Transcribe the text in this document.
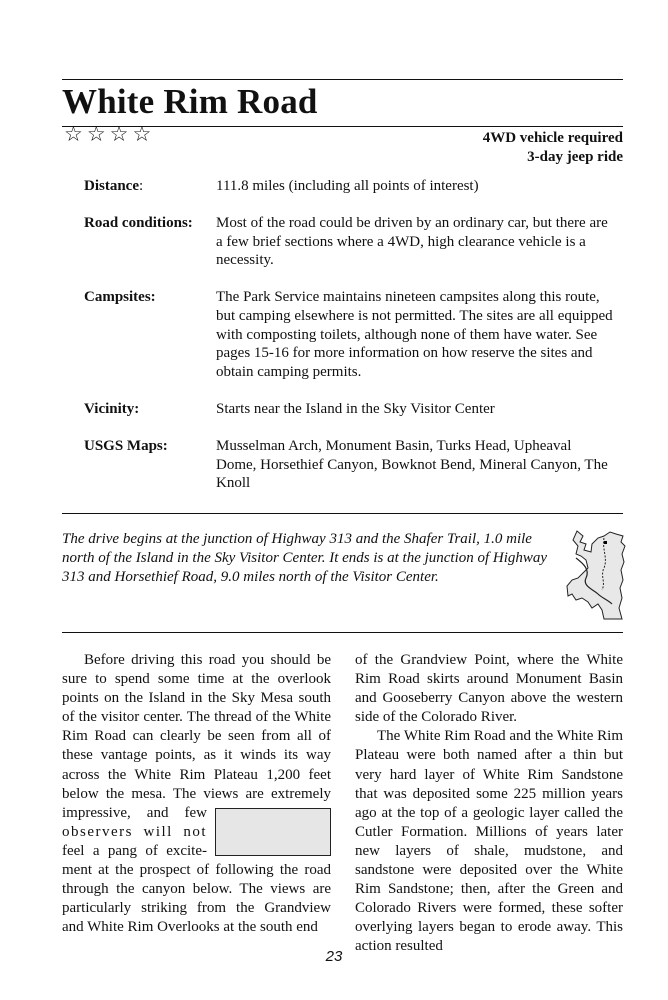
White Rim Road
☆☆☆☆	4WD vehicle required
3-day jeep ride
Distance:	111.8 miles (including all points of interest)
Road conditions:	Most of the road could be driven by an ordinary car, but there are a few brief sections where a 4WD, high clearance vehicle is a necessity.
Campsites:	The Park Service maintains nineteen campsites along this route, but camping elsewhere is not permitted. The sites are all equipped with composting toilets, although none of them have water. See pages 15-16 for more information on how reserve the sites and obtain camping permits.
Vicinity:	Starts near the Island in the Sky Visitor Center
USGS Maps:	Musselman Arch, Monument Basin, Turks Head, Upheaval Dome, Horsethief Canyon, Bowknot Bend, Mineral Canyon, The Knoll
The drive begins at the junction of Highway 313 and the Shafer Trail, 1.0 mile north of the Island in the Sky Visitor Center. It ends is at the junction of Highway 313 and Horsethief Road, 9.0 miles north of the Visitor Center.

Before driving this road you should be sure to spend some time at the overlook points on the Island in the Sky Mesa south of the visitor center. The thread of the White Rim Road can clearly be seen from all of these vantage points, as it winds its way across the White Rim Plateau 1,200 feet below the mesa. The views are extremely
impressive, and few observers will not feel a pang of excite- ment at the prospect of following the road through the canyon below. The views are particularly striking from the Grandview and White Rim Overlooks at the south end

of the Grandview Point, where the White Rim Road skirts around Monument Basin and Gooseberry Canyon above the western side of the Colorado River.

The White Rim Road and the White Rim Plateau were both named after a thin but very hard layer of White Rim Sandstone that was deposited some 225 million years ago at the top of a geologic layer called the Cutler Formation. Millions of years later new layers of shale, mudstone, and sandstone were deposited over the White Rim Sandstone; then, after the Green and Colorado Rivers were formed, these softer overlying layers began to erode away. This action resulted

23
